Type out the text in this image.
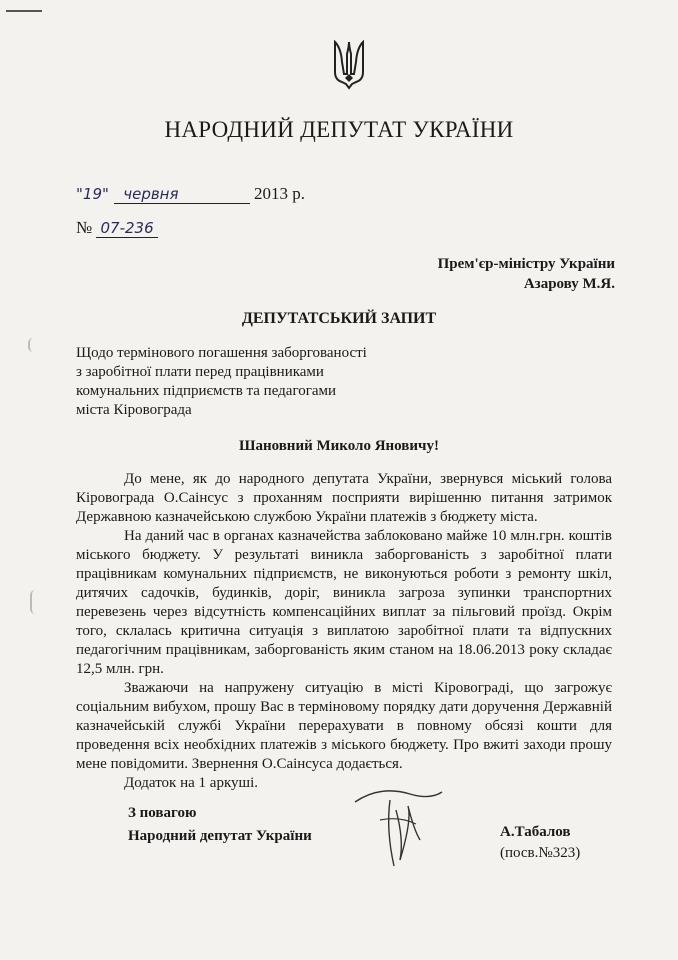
НАРОДНИЙ ДЕПУТАТ УКРАЇНИ
"19" червня	2013 р.
№ 07-236
Прем'єр-міністру України
Азарову М.Я.
ДЕПУТАТСЬКИЙ ЗАПИТ
Щодо термінового погашення заборгованості
з заробітної плати перед працівниками
комунальних підприємств та педагогами
міста Кіровограда
Шановний Миколо Яновичу!

До мене, як до народного депутата України, звернувся міський голова Кіровограда О.Саінсус з проханням посприяти вирішенню питання затримок Державною казначейською службою України платежів з бюджету міста.

На даний час в органах казначейства заблоковано майже 10 млн.грн. коштів міського бюджету. У результаті виникла заборгованість з заробітної плати працівникам комунальних підприємств, не виконуються роботи з ремонту шкіл, дитячих садочків, будинків, доріг, виникла загроза зупинки транспортних перевезень через відсутність компенсаційних виплат за пільговий проїзд. Окрім того, склалась критична ситуація з виплатою заробітної плати та відпускних педагогічним працівникам, заборгованість яким станом на 18.06.2013 року складає 12,5 млн. грн.

Зважаючи на напружену ситуацію в місті Кіровограді, що загрожує соціальним вибухом, прошу Вас в терміновому порядку дати доручення Державній казначейській службі України перерахувати в повному обсязі кошти для проведення всіх необхідних платежів з міського бюджету. Про вжиті заходи прошу мене повідомити. Звернення О.Саінсуса додається.

Додаток на 1 аркуші.

З повагою
Народний депутат України	А.Табалов
(посв.№323)
